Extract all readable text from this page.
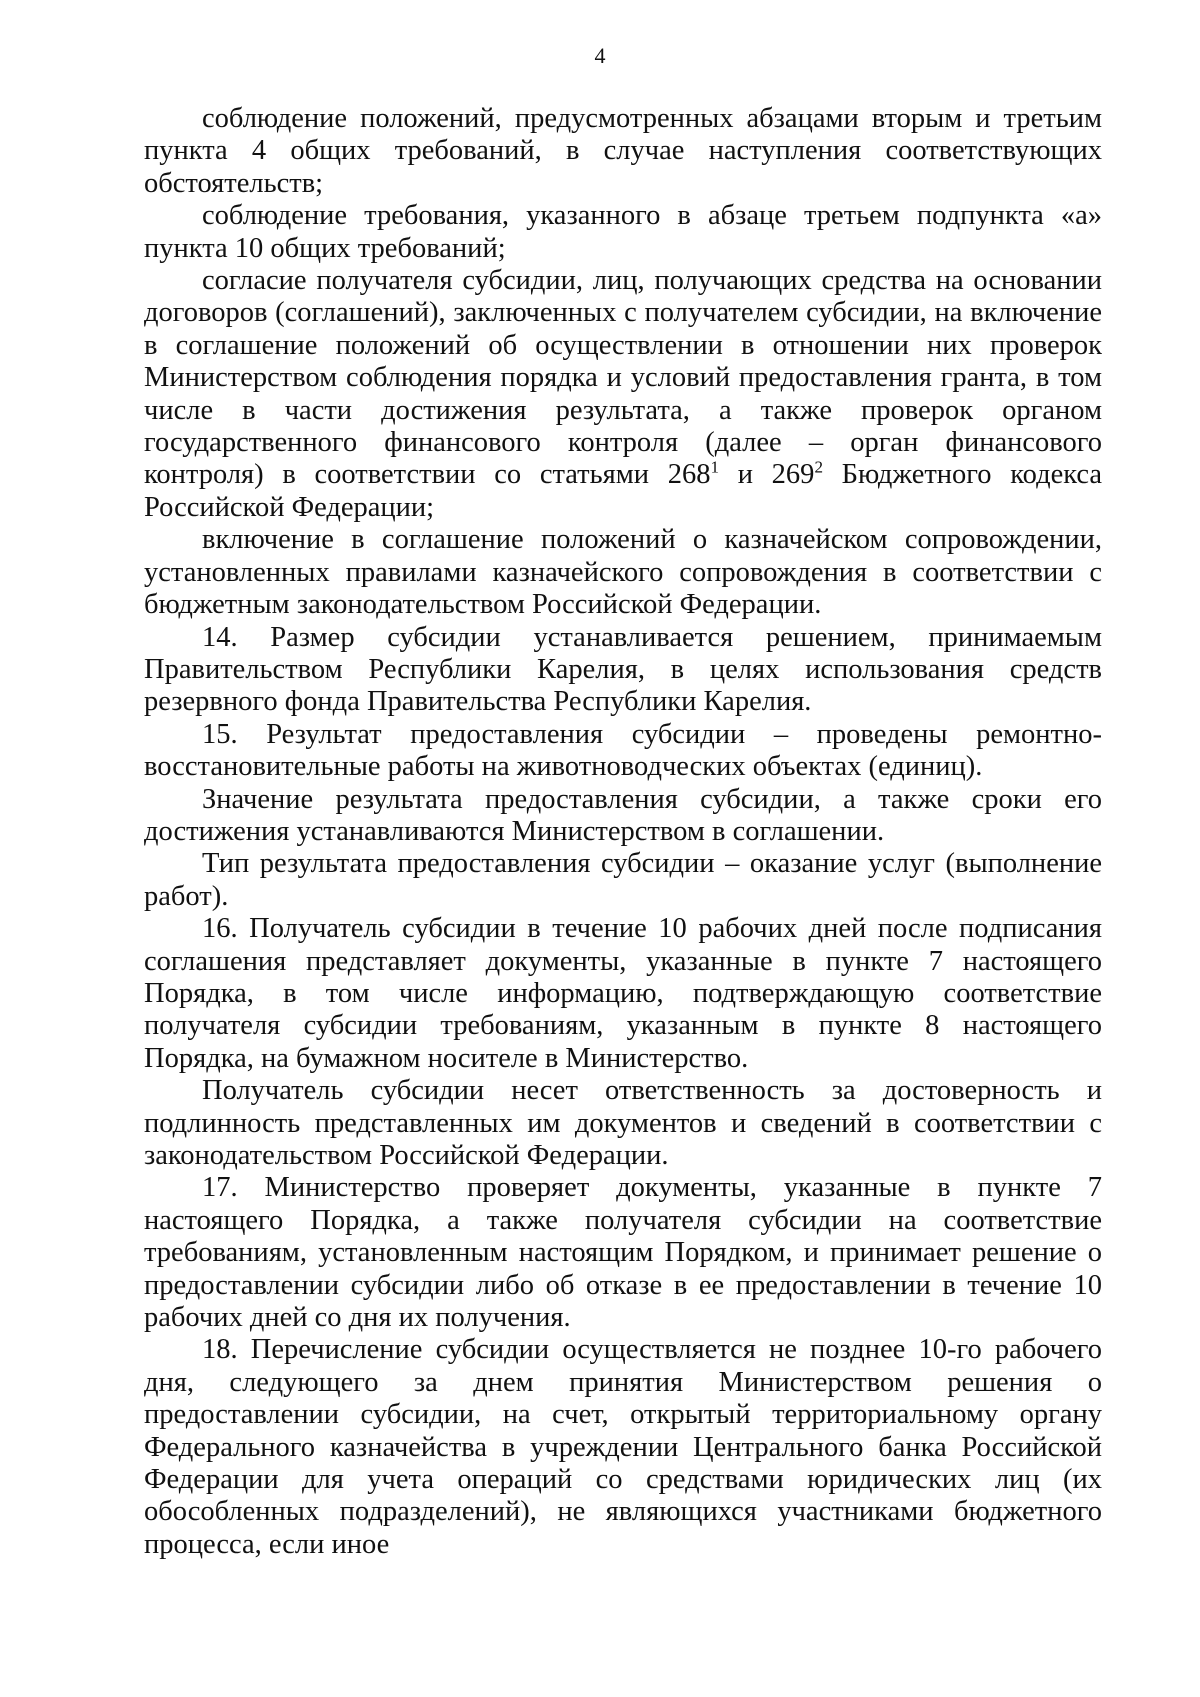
4

соблюдение положений, предусмотренных абзацами вторым и третьим пункта 4 общих требований, в случае наступления соответствующих обстоятельств;

соблюдение требования, указанного в абзаце третьем подпункта «а» пункта 10 общих требований;

согласие получателя субсидии, лиц, получающих средства на основании договоров (соглашений), заключенных с получателем субсидии, на включение в соглашение положений об осуществлении в отношении них проверок Министерством соблюдения порядка и условий предоставления гранта, в том числе в части достижения результата, а также проверок органом государственного финансового контроля (далее – орган финансового контроля) в соответствии со статьями $268^1$ и $269^2$ Бюджетного кодекса Российской Федерации;

включение в соглашение положений о казначейском сопровождении, установленных правилами казначейского сопровождения в соответствии с бюджетным законодательством Российской Федерации.

14. Размер субсидии устанавливается решением, принимаемым Правительством Республики Карелия, в целях использования средств резервного фонда Правительства Республики Карелия.

15. Результат предоставления субсидии – проведены ремонтно-восстановительные работы на животноводческих объектах (единиц).

Значение результата предоставления субсидии, а также сроки его достижения устанавливаются Министерством в соглашении.

Тип результата предоставления субсидии – оказание услуг (выполнение работ).

16. Получатель субсидии в течение 10 рабочих дней после подписания соглашения представляет документы, указанные в пункте 7 настоящего Порядка, в том числе информацию, подтверждающую соответствие получателя субсидии требованиям, указанным в пункте 8 настоящего Порядка, на бумажном носителе в Министерство.

Получатель субсидии несет ответственность за достоверность и подлинность представленных им документов и сведений в соответствии с законодательством Российской Федерации.

17. Министерство проверяет документы, указанные в пункте 7 настоящего Порядка, а также получателя субсидии на соответствие требованиям, установленным настоящим Порядком, и принимает решение о предоставлении субсидии либо об отказе в ее предоставлении в течение 10 рабочих дней со дня их получения.

18. Перечисление субсидии осуществляется не позднее 10-го рабочего дня, следующего за днем принятия Министерством решения о предоставлении субсидии, на счет, открытый территориальному органу Федерального казначейства в учреждении Центрального банка Российской Федерации для учета операций со средствами юридических лиц (их обособленных подразделений), не являющихся участниками бюджетного процесса, если иное
